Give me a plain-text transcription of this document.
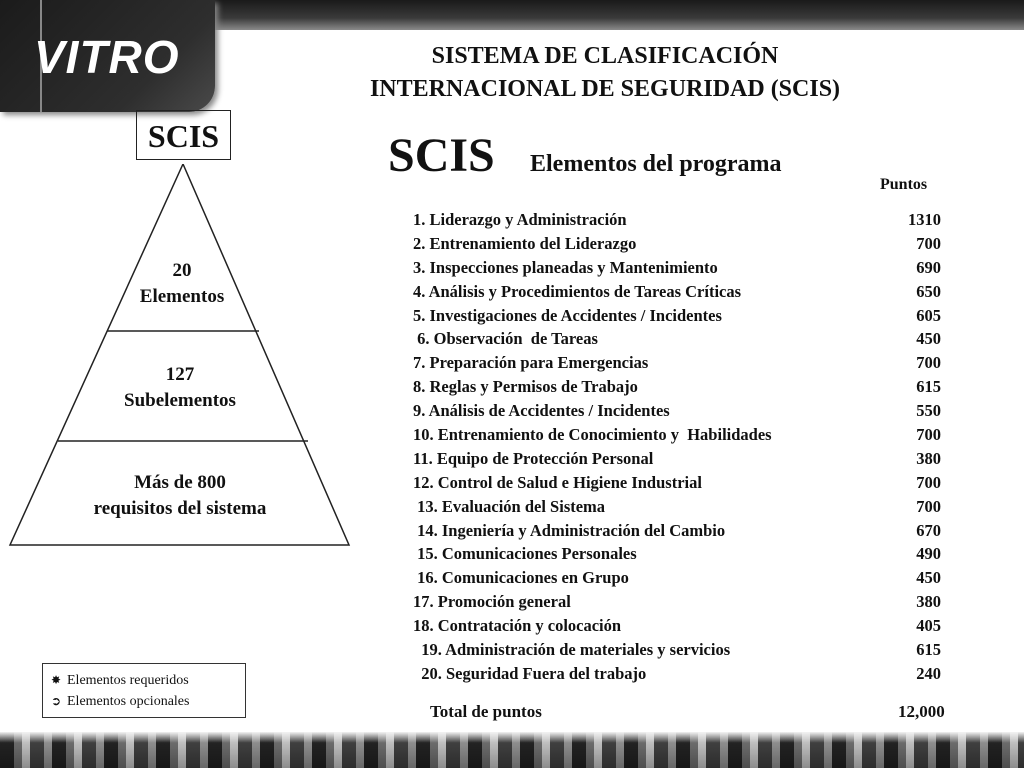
VITRO	SISTEMA DE CLASIFICACIÓN
INTERNACIONAL DE SEGURIDAD (SCIS)
SCIS
20
Elementos
127
Subelementos
Más de 800
requisitos del sistema
SCIS Elementos del programa
Puntos
1. Liderazgo y Administración	1310
2. Entrenamiento del Liderazgo	700
3. Inspecciones planeadas y Mantenimiento	690
4. Análisis y Procedimientos de Tareas Críticas	650
5. Investigaciones de Accidentes / Incidentes	605
6. Observación  de Tareas	450
7. Preparación para Emergencias	700
8. Reglas y Permisos de Trabajo	615
9. Análisis de Accidentes / Incidentes	550
10. Entrenamiento de Conocimiento y  Habilidades	700
11. Equipo de Protección Personal	380
12. Control de Salud e Higiene Industrial	700
13. Evaluación del Sistema	700
14. Ingeniería y Administración del Cambio	670
15. Comunicaciones Personales	490
16. Comunicaciones en Grupo	450
17. Promoción general	380
18. Contratación y colocación	405
19. Administración de materiales y servicios	615
20. Seguridad Fuera del trabajo	240
Total de puntos	12,000
✸ Elementos requeridos
➲ Elementos opcionales
